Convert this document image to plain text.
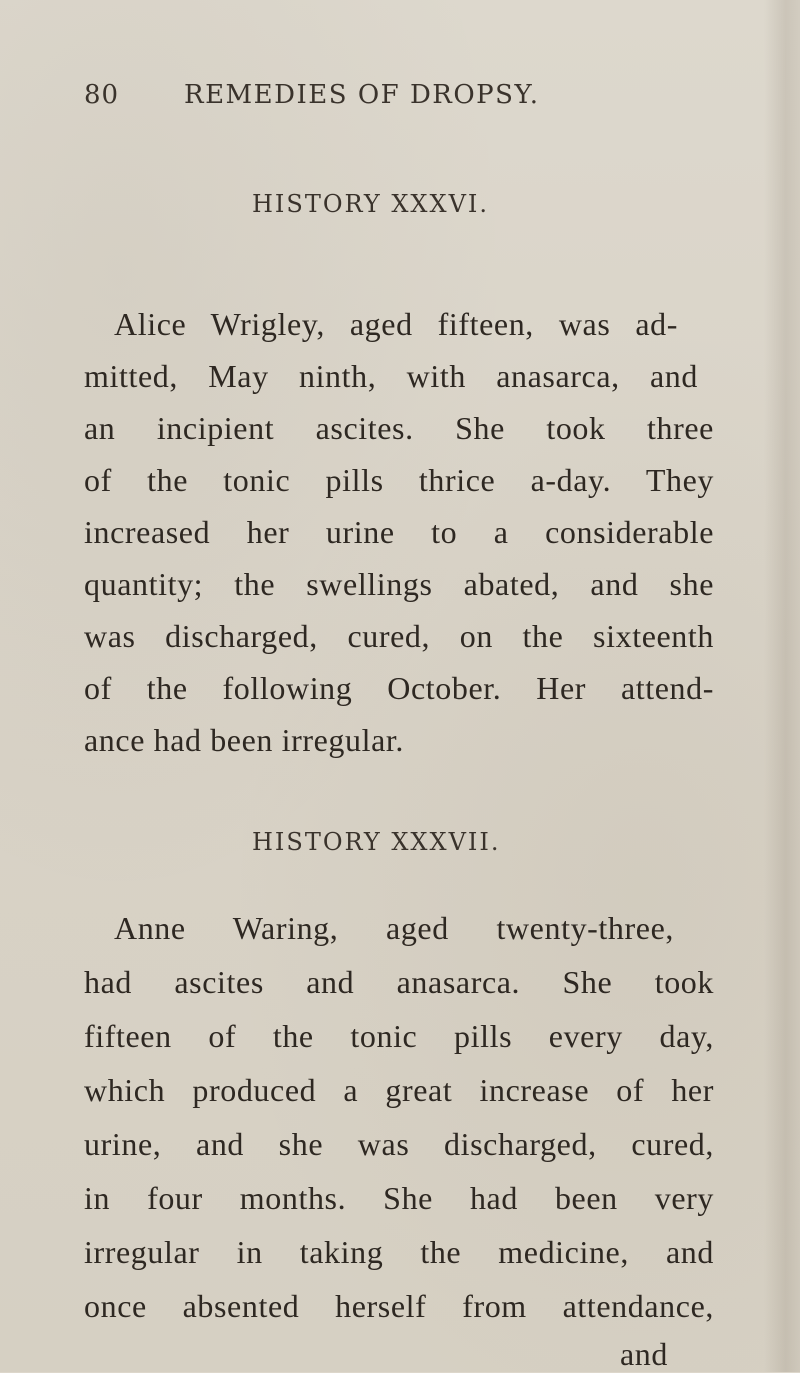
80 REMEDIES OF DROPSY.
HISTORY XXXVI.
Alice Wrigley, aged fifteen, was ad-
mitted, May ninth, with anasarca, and
an incipient ascites. She took three
of the tonic pills thrice a-day. They
increased her urine to a considerable
quantity; the swellings abated, and she
was discharged, cured, on the sixteenth
of the following October. Her attend-
ance had been irregular.
HISTORY XXXVII.
Anne Waring, aged twenty-three,
had ascites and anasarca. She took
fifteen of the tonic pills every day,
which produced a great increase of her
urine, and she was discharged, cured,
in four months. She had been very
irregular in taking the medicine, and
once absented herself from attendance,
and
